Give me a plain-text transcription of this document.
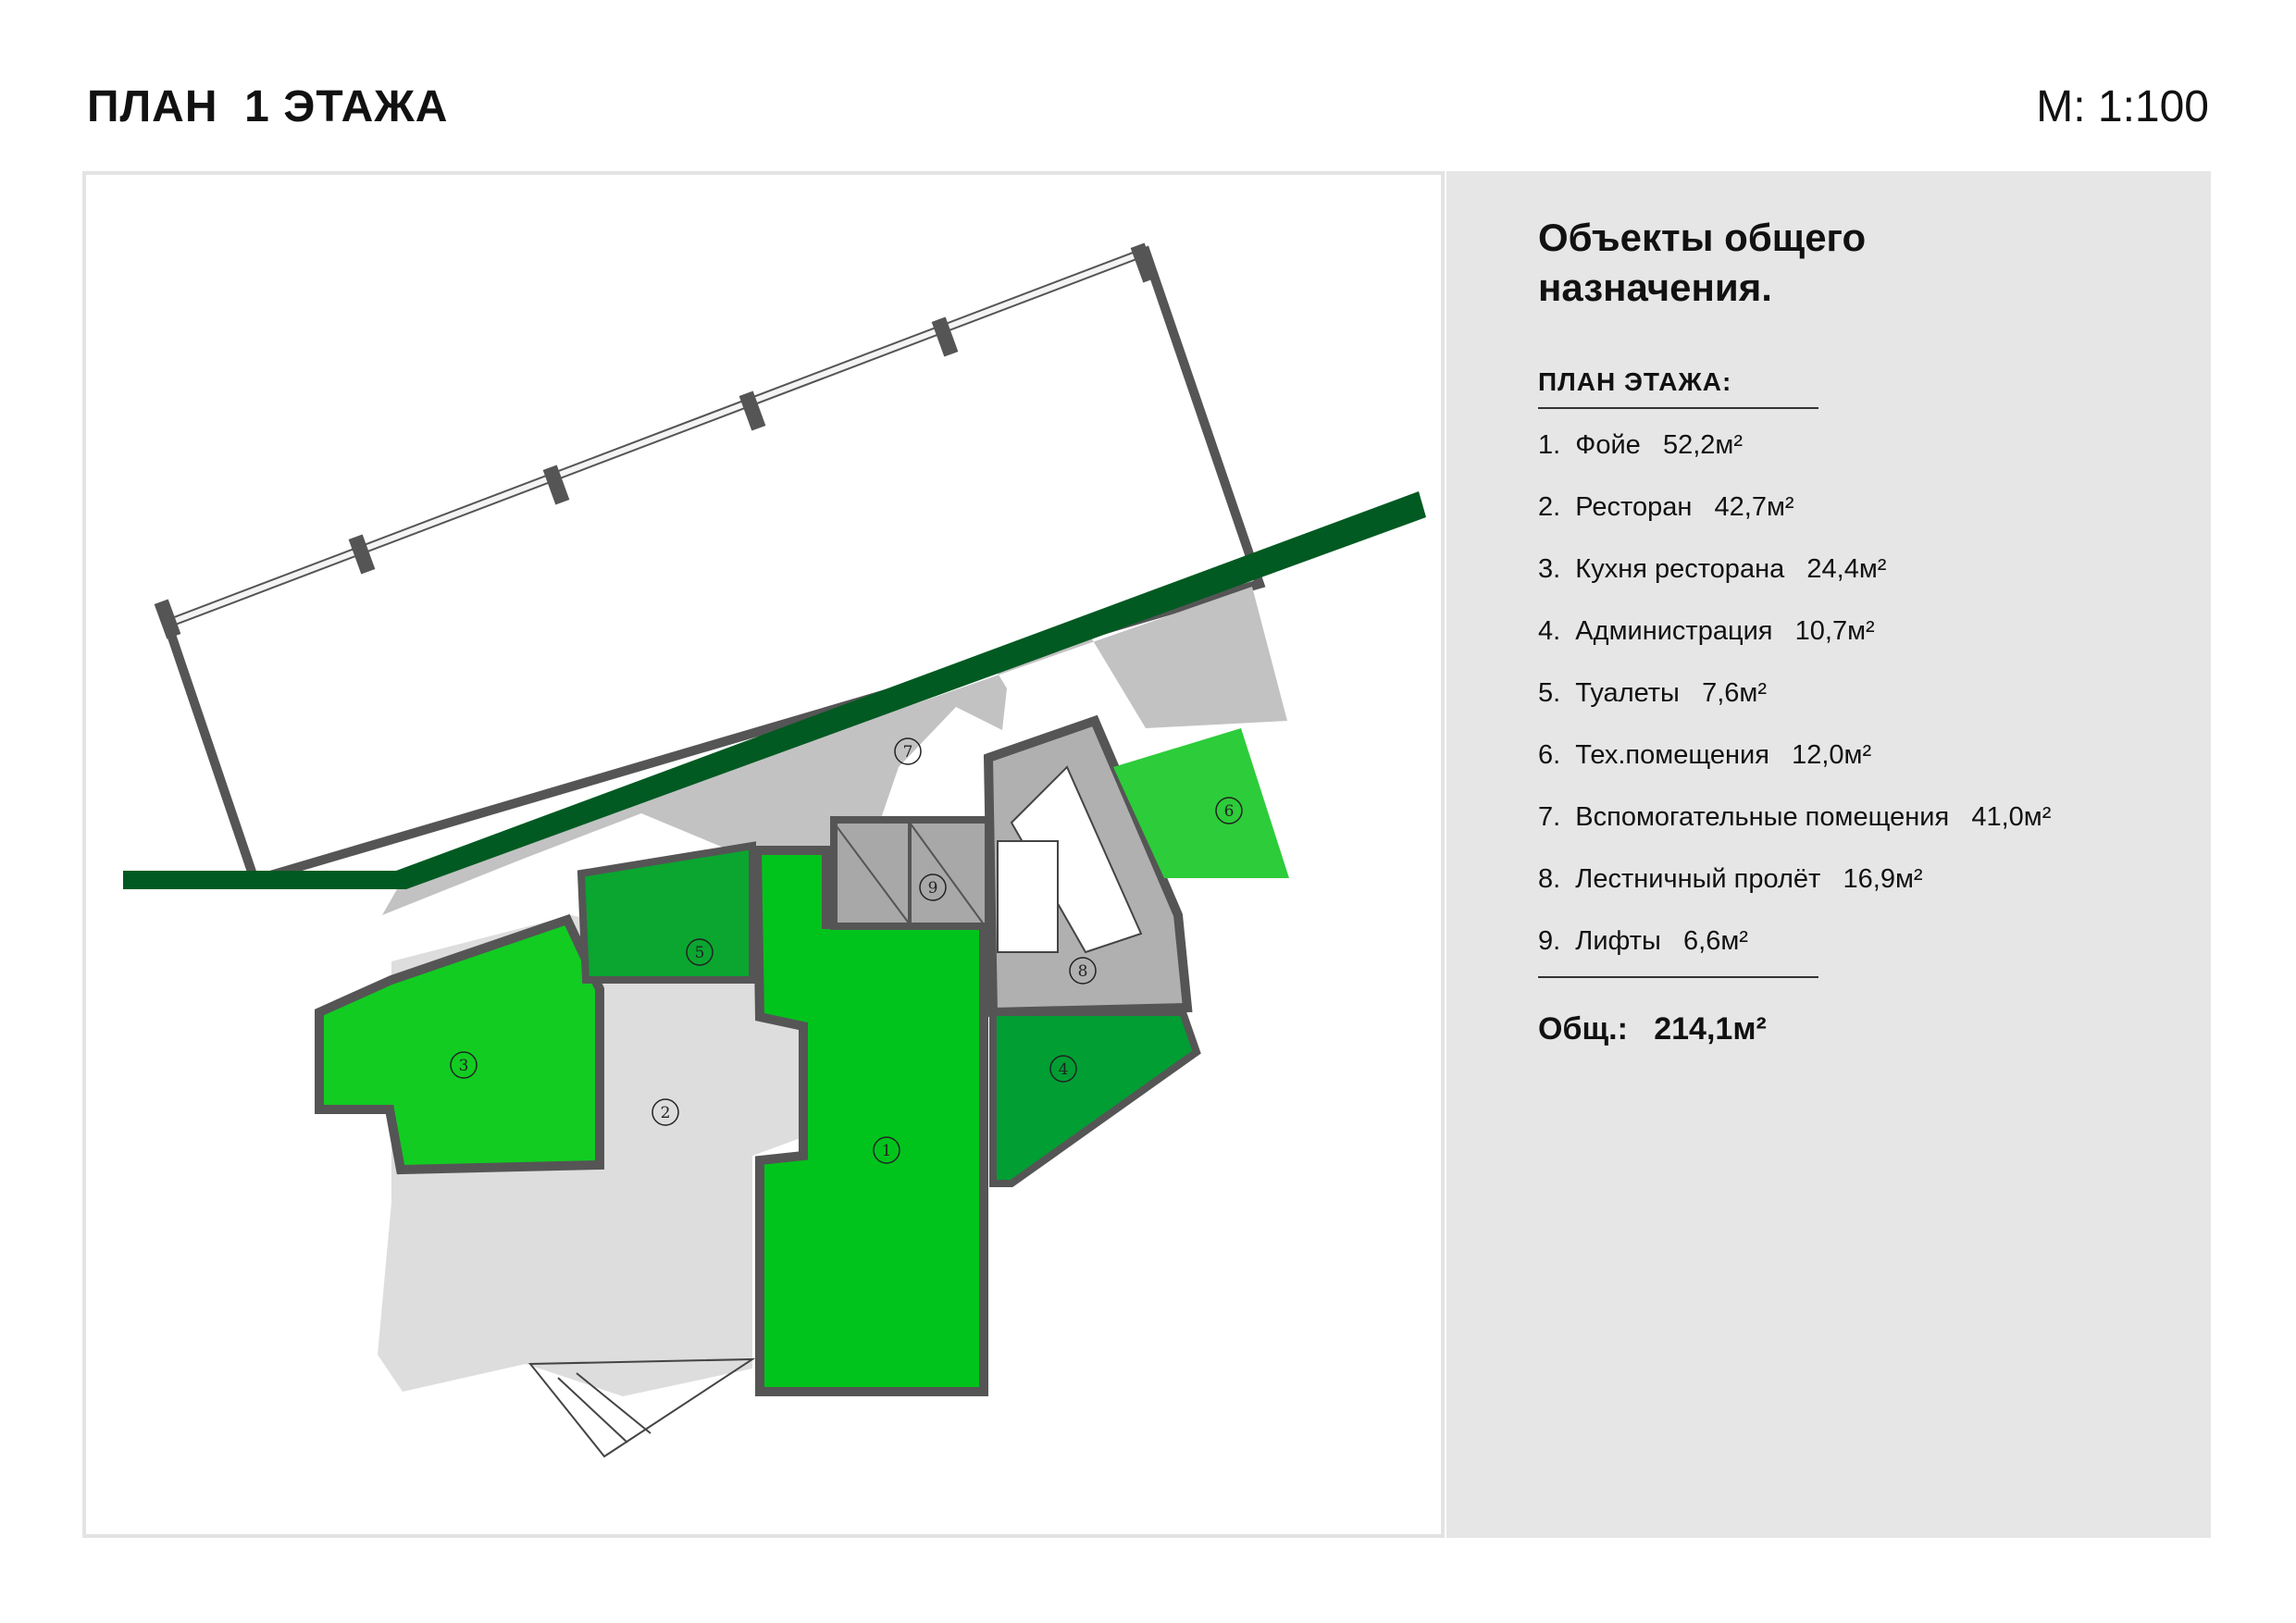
ПЛАН  1 ЭТАЖА	М: 1:100

1
2
3	4
5
6
7
8
9
Объекты общего назначения.
ПЛАН ЭТАЖА:
1.  Фойе   52,2м²
2.  Ресторан   42,7м²
3.  Кухня ресторана   24,4м²
4.  Администрация   10,7м²
5.  Туалеты   7,6м²
6.  Тех.помещения   12,0м²
7.  Вспомогательные помещения   41,0м²
8.  Лестничный пролёт   16,9м²
9.  Лифты   6,6м²
Общ.:   214,1м²
